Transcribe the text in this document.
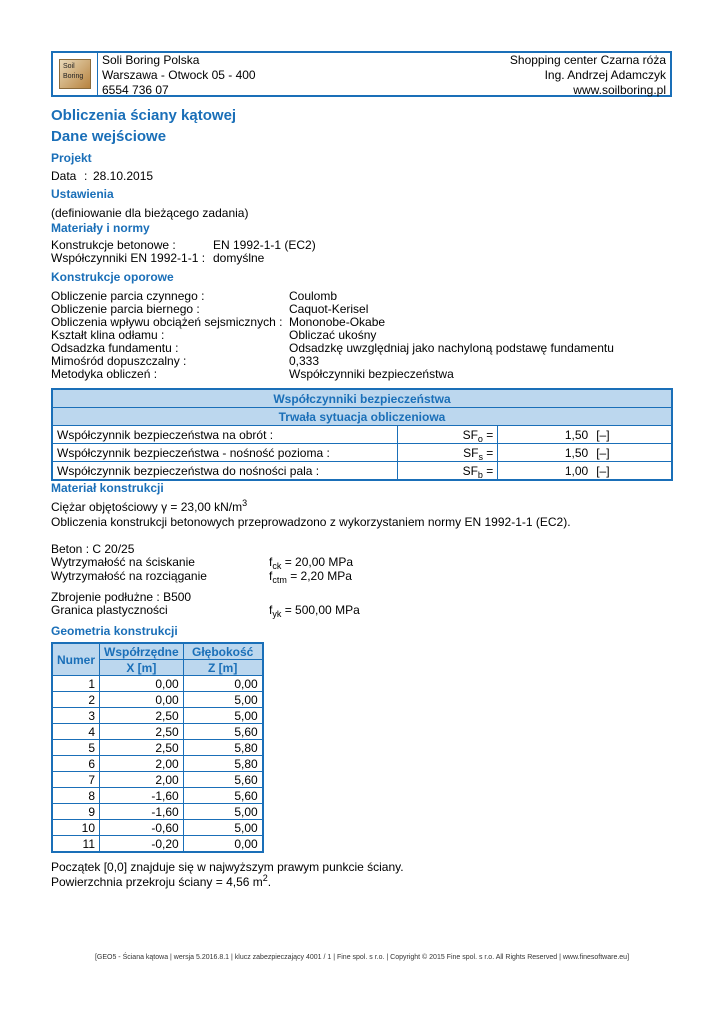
Soil
Boring
Soli Boring Polska
Warszawa - Otwock 05 - 400
6554 736 07
Shopping center Czarna róża
Ing. Andrzej Adamczyk
www.soilboring.pl
Obliczenia ściany kątowej
Dane wejściowe
Projekt
Data : 28.10.2015
Ustawienia
(definiowanie dla bieżącego zadania)
Materiały i normy
Konstrukcje betonowe :	EN 1992-1-1 (EC2)
Współczynniki EN 1992-1-1 : domyślne
Konstrukcje oporowe
Obliczenie parcia czynnego :	Coulomb
Obliczenie parcia biernego :	Caquot-Kerisel
Obliczenia wpływu obciążeń sejsmicznych : Mononobe-Okabe
Kształt klina odłamu :	Obliczać ukośny
Odsadzka fundamentu :	Odsadzkę uwzględniaj jako nachyloną podstawę fundamentu
Mimośród dopuszczalny :	0,333
Metodyka obliczeń :	Współczynniki bezpieczeństwa
Współczynniki bezpieczeństwa			
Trwała sytuacja obliczeniowa			
Współczynnik bezpieczeństwa na obrót :	$SF_o$ =	1,50	[–]
Współczynnik bezpieczeństwa - nośność pozioma :	$SF_s$ =	1,50	[–]
Współczynnik bezpieczeństwa do nośności pala :	$SF_b$ =	1,00	[–]
Materiał konstrukcji
Ciężar objętościowy γ = 23,00 $kN/m^3$
Obliczenia konstrukcji betonowych przeprowadzono z wykorzystaniem normy EN 1992-1-1 (EC2).
Beton : C 20/25
Wytrzymałość na ściskanie	$f_{ck} = 20,00$ MPa
Wytrzymałość na rozciąganie	$f_{ctm} = 2,20$ MPa
Zbrojenie podłużne : B500
Granica plastyczności	$f_{yk} = 500,00$ MPa
Geometria konstrukcji
Numer	Współrzędne	Głębokość
	X [m]	Z [m]
1	0,00	0,00
2	0,00	5,00
3	2,50	5,00
4	2,50	5,60
5	2,50	5,80
6	2,00	5,80
7	2,00	5,60
8	-1,60	5,60
9	-1,60	5,00
10	-0,60	5,00
11	-0,20	0,00
Początek [0,0] znajduje się w najwyższym prawym punkcie ściany.
Powierzchnia przekroju ściany = 4,56 $m^2$.
[GEO5 - Ściana kątowa | wersja 5.2016.8.1 | klucz zabezpieczający 4001 / 1 | Fine spol. s r.o. | Copyright © 2015 Fine spol. s r.o. All Rights Reserved | www.finesoftware.eu]
